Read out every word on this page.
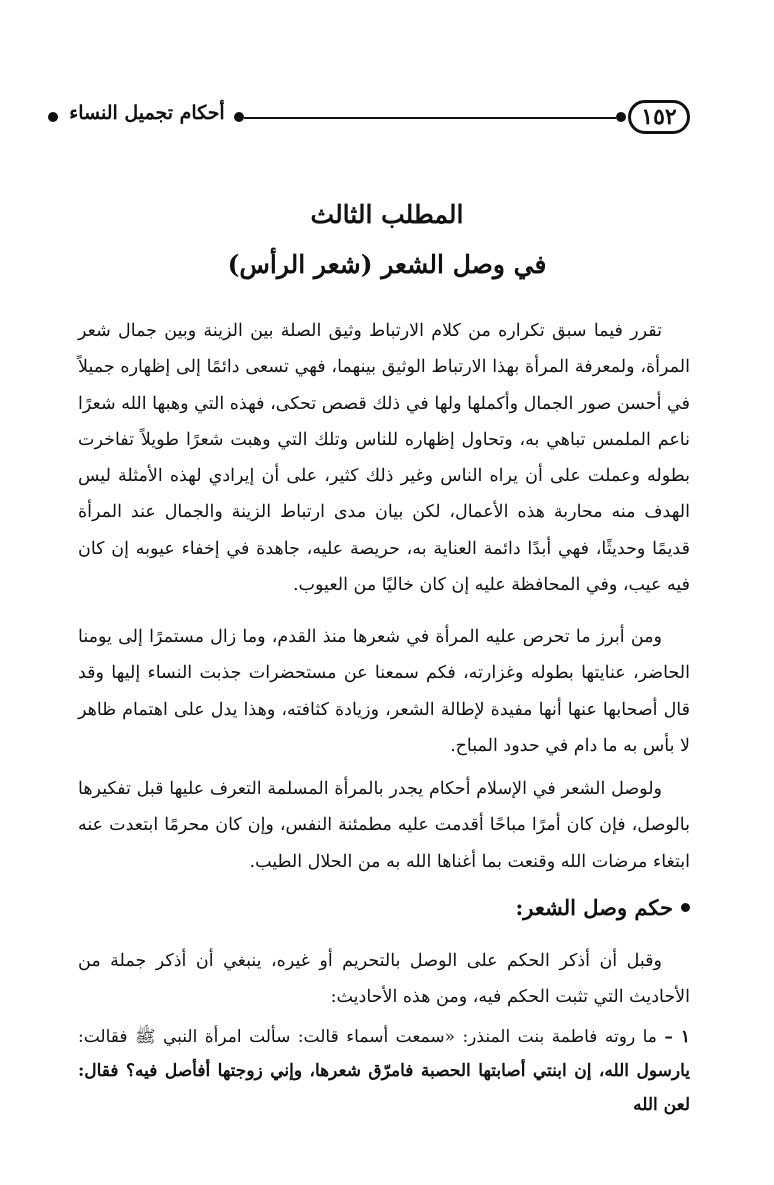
١٥٢
أحكام تجميل النساء
المطلب الثالث
في وصل الشعر (شعر الرأس)

تقرر فيما سبق تكراره من كلام الارتباط وثيق الصلة بين الزينة وبين جمال شعر المرأة، ولمعرفة المرأة بهذا الارتباط الوثيق بينهما، فهي تسعى دائمًا إلى إظهاره جميلاً في أحسن صور الجمال وأكملها ولها في ذلك قصص تحكى، فهذه التي وهبها الله شعرًا ناعم الملمس تباهي به، وتحاول إظهاره للناس وتلك التي وهبت شعرًا طويلاً تفاخرت بطوله وعملت على أن يراه الناس وغير ذلك كثير، على أن إيرادي لهذه الأمثلة ليس الهدف منه محاربة هذه الأعمال، لكن بيان مدى ارتباط الزينة والجمال عند المرأة قديمًا وحديثًا، فهي أبدًا دائمة العناية به، حريصة عليه، جاهدة في إخفاء عيوبه إن كان فيه عيب، وفي المحافظة عليه إن كان خاليًا من العيوب.

ومن أبرز ما تحرص عليه المرأة في شعرها منذ القدم، وما زال مستمرًا إلى يومنا الحاضر، عنايتها بطوله وغزارته، فكم سمعنا عن مستحضرات جذبت النساء إليها وقد قال أصحابها عنها أنها مفيدة لإطالة الشعر، وزيادة كثافته، وهذا يدل على اهتمام ظاهر لا بأس به ما دام في حدود المباح.

ولوصل الشعر في الإسلام أحكام يجدر بالمرأة المسلمة التعرف عليها قبل تفكيرها بالوصل، فإن كان أمرًا مباحًا أقدمت عليه مطمئنة النفس، وإن كان محرمًا ابتعدت عنه ابتغاء مرضات الله وقنعت بما أغناها الله به من الحلال الطيب.

حكم وصل الشعر:

وقبل أن أذكر الحكم على الوصل بالتحريم أو غيره، ينبغي أن أذكر جملة من الأحاديث التي تثبت الحكم فيه، ومن هذه الأحاديث:

١ – ما روته فاطمة بنت المنذر: «سمعت أسماء قالت: سألت امرأة النبي ﷺ فقالت: يارسول الله، إن ابنتي أصابتها الحصبة فامرّق شعرها، وإني زوجتها أفأصل فيه؟ فقال: لعن الله
